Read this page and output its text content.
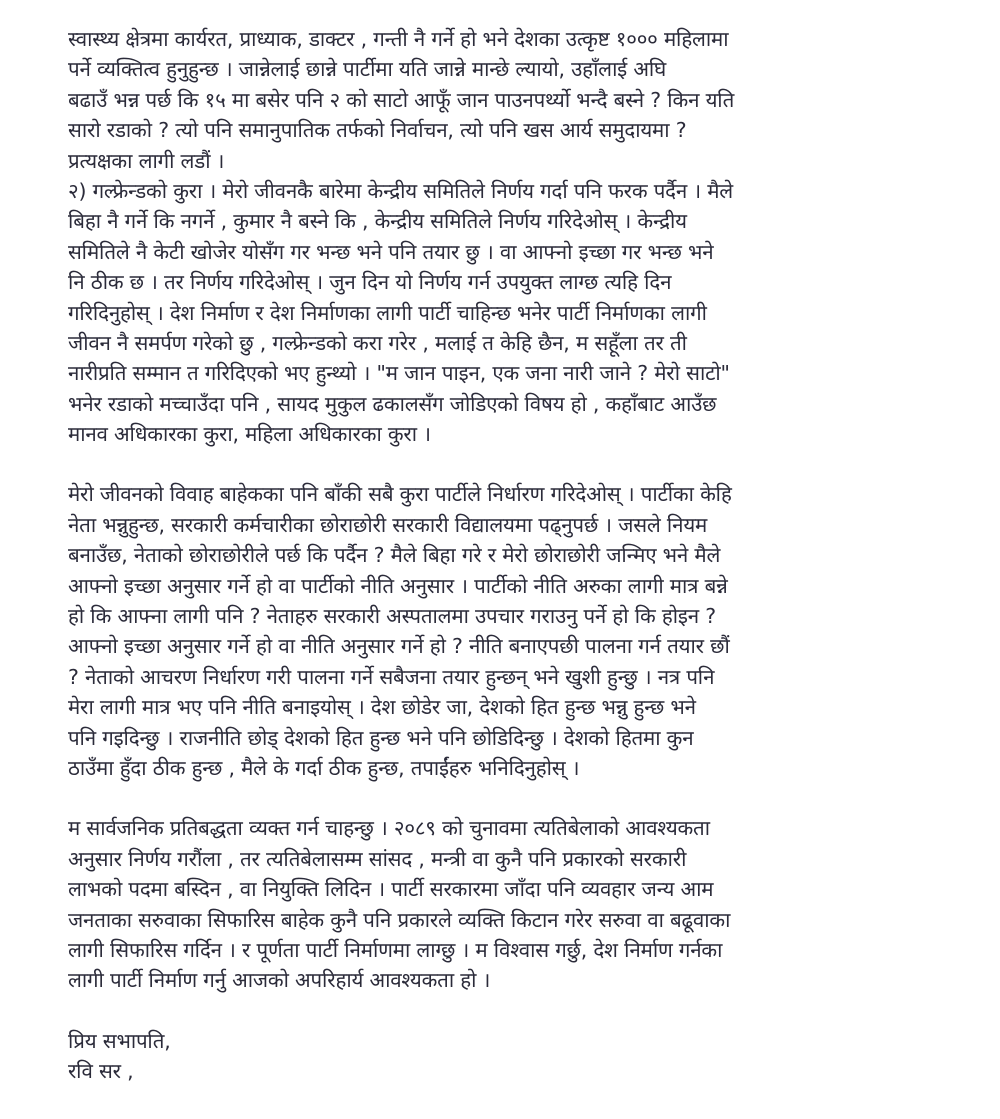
स्वास्थ्य क्षेत्रमा कार्यरत, प्राध्याक, डाक्टर , गन्ती नै गर्ने हो भने देशका उत्कृष्ट १००० महिलामा
पर्ने व्यक्तित्व हुनुहुन्छ । जान्नेलाई छान्ने पार्टीमा यति जान्ने मान्छे ल्यायो, उहाँलाई अघि
बढाउँ भन्न पर्छ कि १५ मा बसेर पनि २ को साटो आफूँ जान पाउनपर्थ्यो भन्दै बस्ने ? किन यति
सारो रडाको ? त्यो पनि समानुपातिक तर्फको निर्वाचन, त्यो पनि खस आर्य समुदायमा ?
प्रत्यक्षका लागी लडौं ।
२) गल्फ्रेन्डको कुरा । मेरो जीवनकै बारेमा केन्द्रीय समितिले निर्णय गर्दा पनि फरक पर्दैन । मैले
बिहा नै गर्ने कि नगर्ने , कुमार नै बस्ने कि , केन्द्रीय समितिले निर्णय गरिदेओस् । केन्द्रीय
समितिले नै केटी खोजेर योसँग गर भन्छ भने पनि तयार छु । वा आफ्नो इच्छा गर भन्छ भने
नि ठीक छ । तर निर्णय गरिदेओस् । जुन दिन यो निर्णय गर्न उपयुक्त लाग्छ त्यहि दिन
गरिदिनुहोस् । देश निर्माण र देश निर्माणका लागी पार्टी चाहिन्छ भनेर पार्टी निर्माणका लागी
जीवन नै समर्पण गरेको छु , गल्फ्रेन्डको करा गरेर , मलाई त केहि छैन, म सहूँला तर ती
नारीप्रति सम्मान त गरिदिएको भए हुन्थ्यो । "म जान पाइन, एक जना नारी जाने ? मेरो साटो"
भनेर रडाको मच्चाउँदा पनि , सायद मुकुल ढकालसँग जोडिएको विषय हो , कहाँबाट आउँछ
मानव अधिकारका कुरा, महिला अधिकारका कुरा ।
मेरो जीवनको विवाह बाहेकका पनि बाँकी सबै कुरा पार्टीले निर्धारण गरिदेओस् । पार्टीका केहि
नेता भन्नुहुन्छ, सरकारी कर्मचारीका छोराछोरी सरकारी विद्यालयमा पढ्नुपर्छ । जसले नियम
बनाउँछ, नेताको छोराछोरीले पर्छ कि पर्दैन ? मैले बिहा गरे र मेरो छोराछोरी जन्मिए भने मैले
आफ्नो इच्छा अनुसार गर्ने हो वा पार्टीको नीति अनुसार । पार्टीको नीति अरुका लागी मात्र बन्ने
हो कि आफ्ना लागी पनि ? नेताहरु सरकारी अस्पतालमा उपचार गराउनु पर्ने हो कि होइन ?
आफ्नो इच्छा अनुसार गर्ने हो वा नीति अनुसार गर्ने हो ? नीति बनाएपछी पालना गर्न तयार छौं
? नेताको आचरण निर्धारण गरी पालना गर्ने सबैजना तयार हुन्छन् भने खुशी हुन्छु । नत्र पनि
मेरा लागी मात्र भए पनि नीति बनाइयोस् । देश छोडेर जा, देशको हित हुन्छ भन्नु हुन्छ भने
पनि गइदिन्छु । राजनीति छोड् देशको हित हुन्छ भने पनि छोडिदिन्छु । देशको हितमा कुन
ठाउँमा हुँदा ठीक हुन्छ , मैले के गर्दा ठीक हुन्छ, तपाईंहरु भनिदिनुहोस् ।
म सार्वजनिक प्रतिबद्धता व्यक्त गर्न चाहन्छु । २०८९ को चुनावमा त्यतिबेलाको आवश्यकता
अनुसार निर्णय गरौंला , तर त्यतिबेलासम्म सांसद , मन्त्री वा कुनै पनि प्रकारको सरकारी
लाभको पदमा बस्दिन , वा नियुक्ति लिदिन । पार्टी सरकारमा जाँदा पनि व्यवहार जन्य आम
जनताका सरुवाका सिफारिस बाहेक कुनै पनि प्रकारले व्यक्ति किटान गरेर सरुवा वा बढूवाका
लागी सिफारिस गर्दिन । र पूर्णता पार्टी निर्माणमा लाग्छु । म विश्वास गर्छु, देश निर्माण गर्नका
लागी पार्टी निर्माण गर्नु आजको अपरिहार्य आवश्यकता हो ।
प्रिय सभापति,
रवि सर ,
